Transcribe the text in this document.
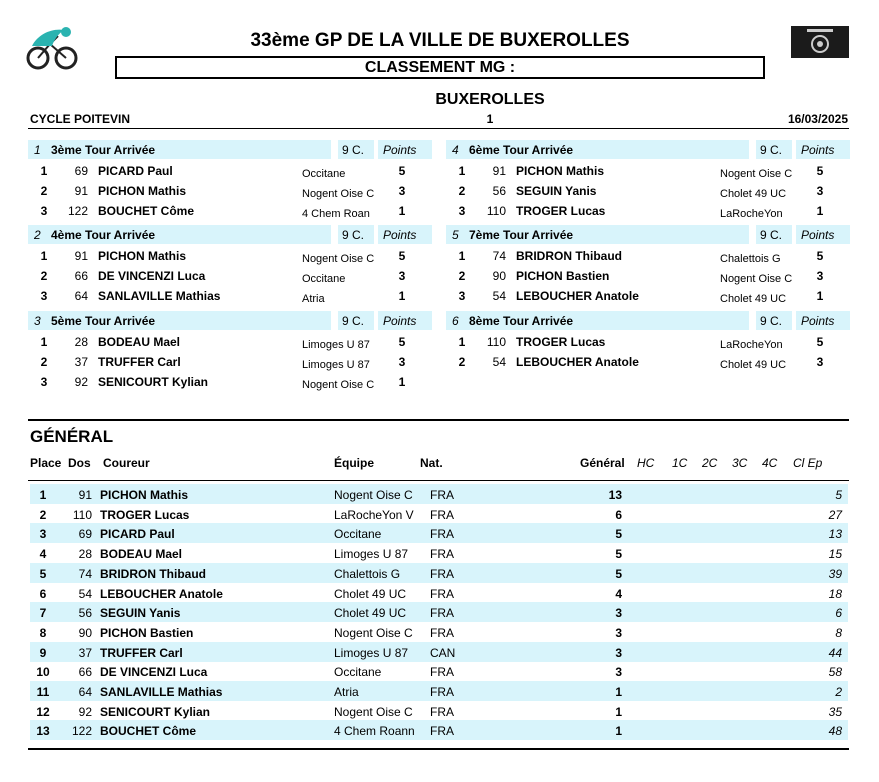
33ème GP DE LA VILLE DE BUXEROLLES
CLASSEMENT MG :
BUXEROLLES
CYCLE POITEVIN	1	16/03/2025
1 3ème Tour Arrivée	9 C. Points
1	69 PICARD Paul	Occitane	5
2	91 PICHON Mathis	Nogent Oise C	3
3	122 BOUCHET Côme	4 Chem Roan	1
4 6ème Tour Arrivée	9 C. Points
1	91 PICHON Mathis	Nogent Oise C	5
2	56 SEGUIN Yanis	Cholet 49 UC	3
3	110 TROGER Lucas	LaRocheYon	1
2 4ème Tour Arrivée	9 C. Points
1	91 PICHON Mathis	Nogent Oise C	5
2	66 DE VINCENZI Luca	Occitane	3
3	64 SANLAVILLE Mathias	Atria	1
5 7ème Tour Arrivée	9 C. Points
1	74 BRIDRON Thibaud	Chalettois G	5
2	90 PICHON Bastien	Nogent Oise C	3
3	54 LEBOUCHER Anatole	Cholet 49 UC	1
3 5ème Tour Arrivée	9 C. Points
1	28 BODEAU Mael	Limoges U 87	5
2	37 TRUFFER Carl	Limoges U 87	3
3	92 SENICOURT Kylian	Nogent Oise C	1
6 8ème Tour Arrivée	9 C. Points
1	110 TROGER Lucas	LaRocheYon	5
2	54 LEBOUCHER Anatole	Cholet 49 UC	3
GÉNÉRAL
Place Dos Coureur	Équipe	Nat.	Général HC 1C 2C 3C 4C Cl Ep
1	91 PICHON Mathis	Nogent Oise C FRA	13	5
2	110 TROGER Lucas	LaRocheYon V FRA	6	27
3	69 PICARD Paul	Occitane	FRA	5	13
4	28 BODEAU Mael	Limoges U 87 FRA	5	15
5	74 BRIDRON Thibaud	Chalettois G FRA	5	39
6	54 LEBOUCHER Anatole	Cholet 49 UC FRA	4	18
7	56 SEGUIN Yanis	Cholet 49 UC FRA	3	6
8	90 PICHON Bastien	Nogent Oise C FRA	3	8
9	37 TRUFFER Carl	Limoges U 87 CAN	3	44
10	66 DE VINCENZI Luca	Occitane	FRA	3	58
11	64 SANLAVILLE Mathias	Atria	FRA	1	2
12	92 SENICOURT Kylian	Nogent Oise C FRA	1	35
13	122 BOUCHET Côme	4 Chem Roann FRA	1	48
